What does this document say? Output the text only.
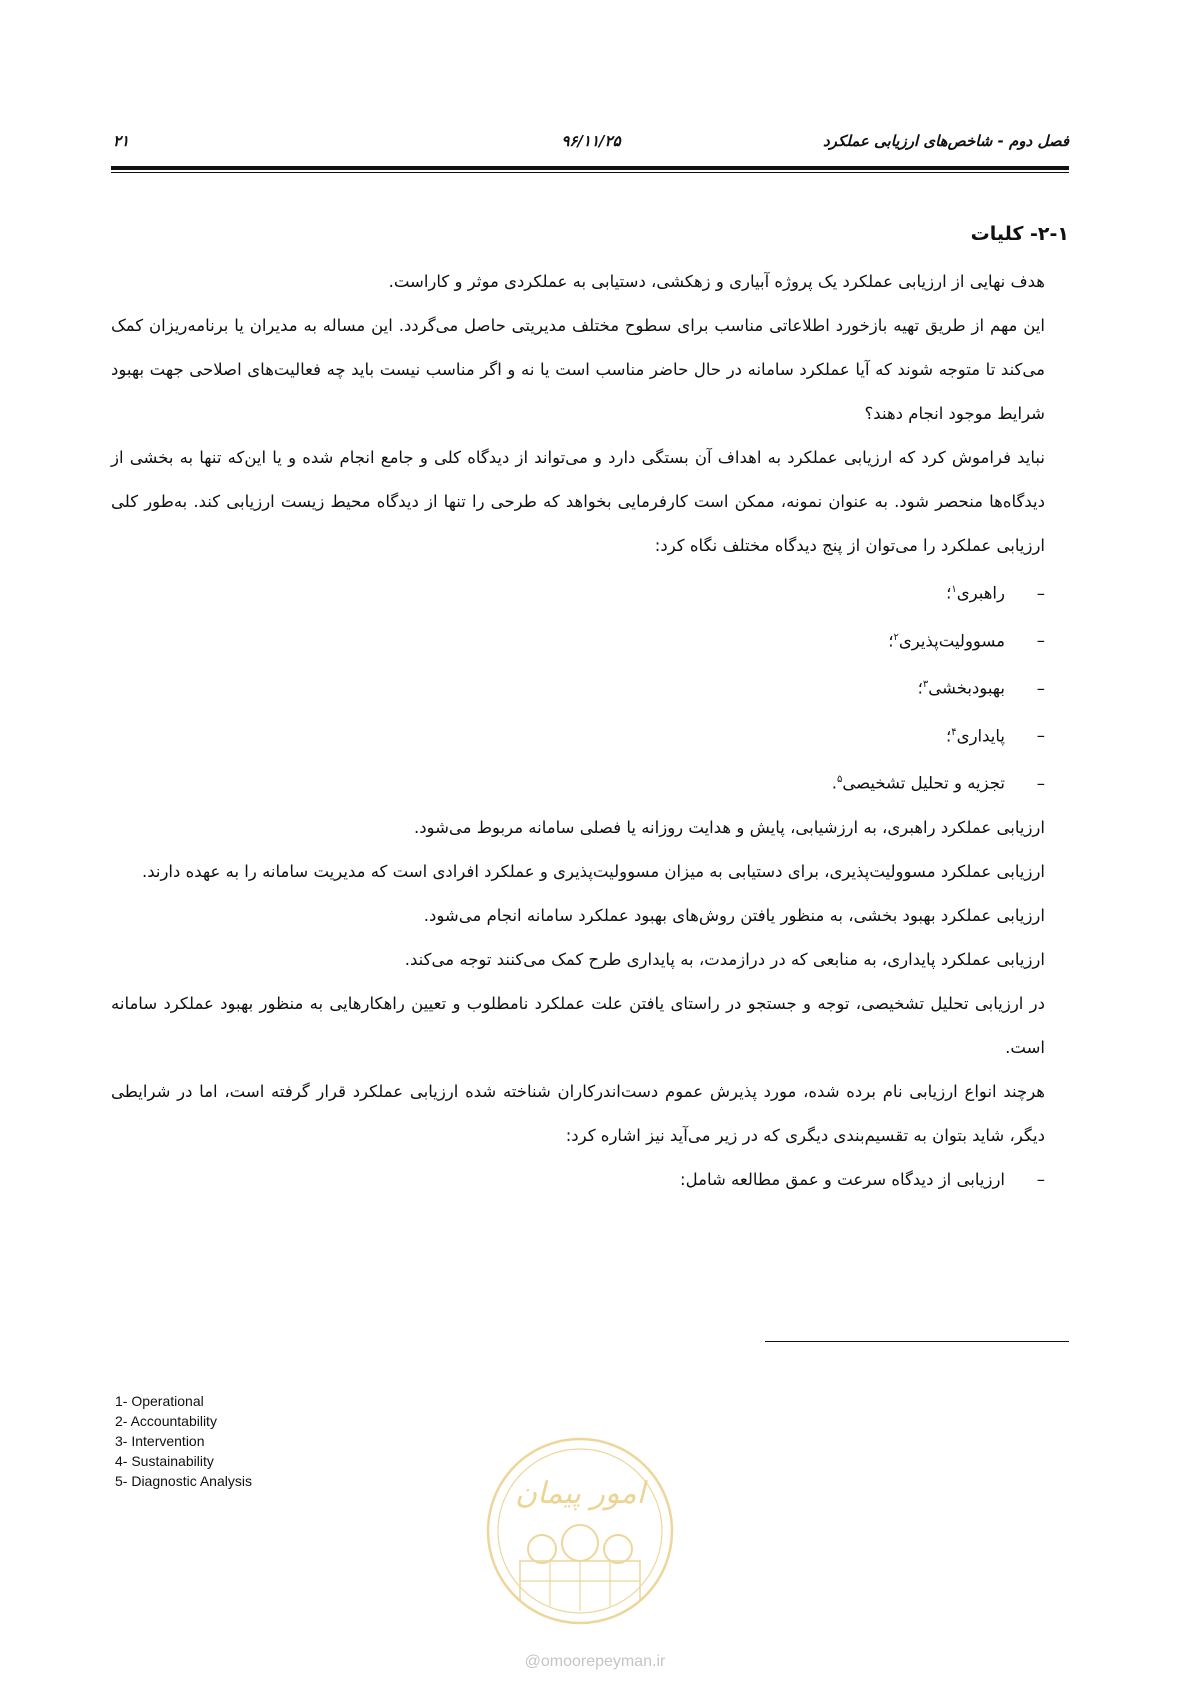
فصل دوم - شاخص‌های ارزیابی عملکرد
۹۶/۱۱/۲۵
۲۱
۲-۱- کلیات

هدف نهایی از ارزیابی عملکرد یک پروژه آبیاری و زهکشی، دستیابی به عملکردی موثر و کاراست.

این مهم از طریق تهیه بازخورد اطلاعاتی مناسب برای سطوح مختلف مدیریتی حاصل می‌گردد. این مساله به مدیران یا برنامه‌ریزان کمک می‌کند تا متوجه شوند که آیا عملکرد سامانه در حال حاضر مناسب است یا نه و اگر مناسب نیست باید چه فعالیت‌های اصلاحی جهت بهبود شرایط موجود انجام دهند؟

نباید فراموش کرد که ارزیابی عملکرد به اهداف آن بستگی دارد و می‌تواند از دیدگاه کلی و جامع انجام شده و یا این‌که تنها به بخشی از دیدگاه‌ها منحصر شود. به عنوان نمونه، ممکن است کارفرمایی بخواهد که طرحی را تنها از دیدگاه محیط زیست ارزیابی کند. به‌طور کلی ارزیابی عملکرد را می‌توان از پنج دیدگاه مختلف نگاه کرد:

–راهبری$^۱$؛
–مسوولیت‌پذیری$^۲$؛
–بهبودبخشی$^۳$؛
–پایداری$^۴$؛
–تجزیه و تحلیل تشخیصی$^۵$.

ارزیابی عملکرد راهبری، به ارزشیابی، پایش و هدایت روزانه یا فصلی سامانه مربوط می‌شود.

ارزیابی عملکرد مسوولیت‌پذیری، برای دستیابی به میزان مسوولیت‌پذیری و عملکرد افرادی است که مدیریت سامانه را به عهده دارند.

ارزیابی عملکرد بهبود بخشی، به منظور یافتن روش‌های بهبود عملکرد سامانه انجام می‌شود.

ارزیابی عملکرد پایداری، به منابعی که در درازمدت، به پایداری طرح کمک می‌کنند توجه می‌کند.

در ارزیابی تحلیل تشخیصی، توجه و جستجو در راستای یافتن علت عملکرد نامطلوب و تعیین راهکارهایی به منظور بهبود عملکرد سامانه است.

هرچند انواع ارزیابی نام برده شده، مورد پذیرش عموم دست‌اندرکاران شناخته شده ارزیابی عملکرد قرار گرفته است، اما در شرایطی دیگر، شاید بتوان به تقسیم‌بندی دیگری که در زیر می‌آید نیز اشاره کرد:

–ارزیابی از دیدگاه سرعت و عمق مطالعه شامل:
1- Operational
2- Accountability
3- Intervention
4- Sustainability
5- Diagnostic Analysis	امور پیمان
@omoorepeyman.ir
